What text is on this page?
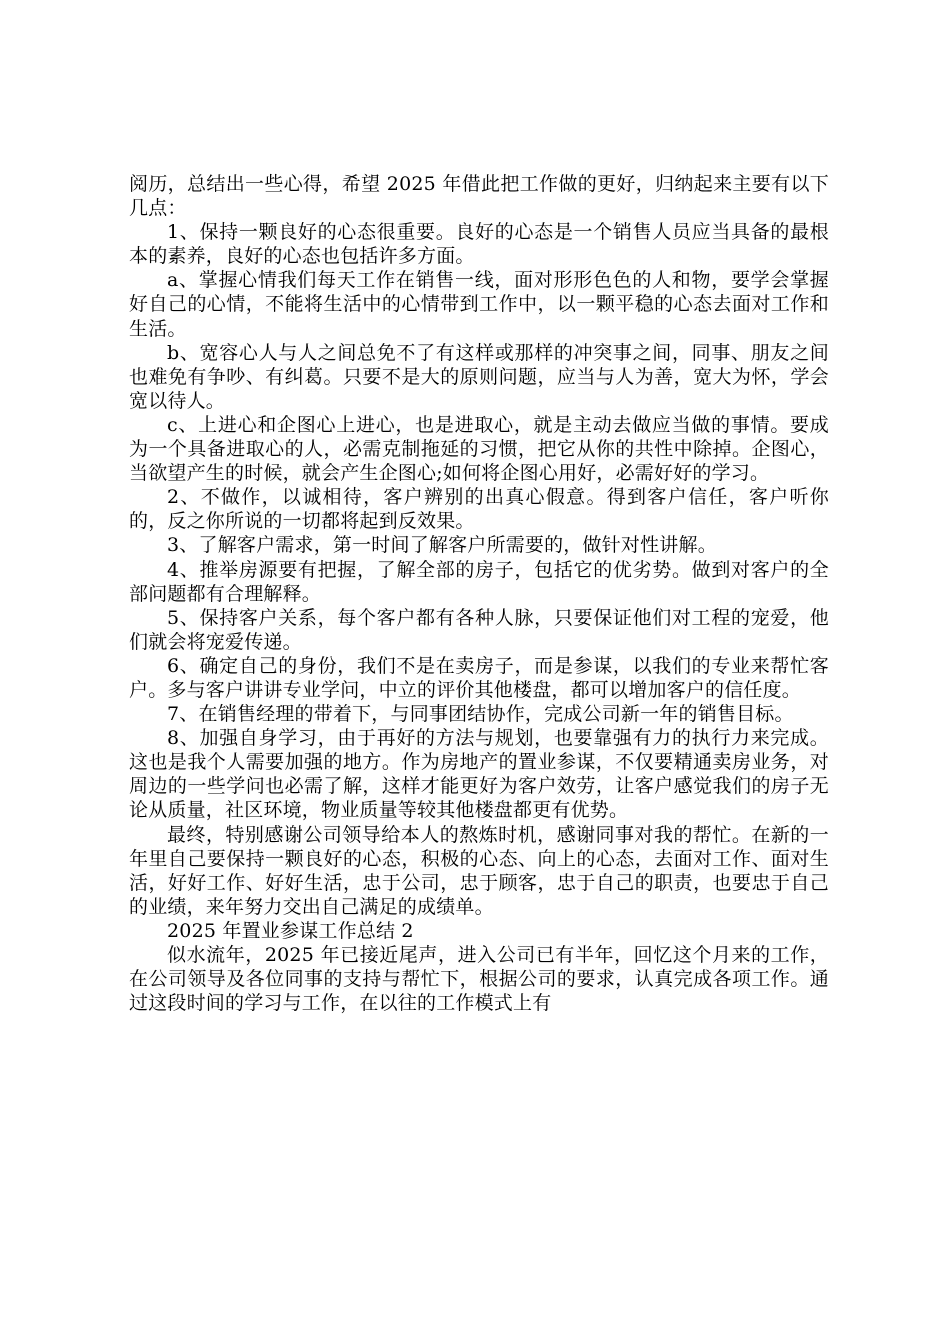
阅历，总结出一些心得，希望 2025 年借此把工作做的更好，归纳起来主要有以下几点：

1、保持一颗良好的心态很重要。良好的心态是一个销售人员应当具备的最根本的素养，良好的心态也包括许多方面。

a、掌握心情我们每天工作在销售一线，面对形形色色的人和物，要学会掌握好自己的心情，不能将生活中的心情带到工作中，以一颗平稳的心态去面对工作和生活。

b、宽容心人与人之间总免不了有这样或那样的冲突事之间，同事、朋友之间也难免有争吵、有纠葛。只要不是大的原则问题，应当与人为善，宽大为怀，学会宽以待人。

c、上进心和企图心上进心，也是进取心，就是主动去做应当做的事情。要成为一个具备进取心的人，必需克制拖延的习惯，把它从你的共性中除掉。企图心，当欲望产生的时候，就会产生企图心;如何将企图心用好，必需好好的学习。

2、不做作，以诚相待，客户辨别的出真心假意。得到客户信任，客户听你的，反之你所说的一切都将起到反效果。

3、了解客户需求，第一时间了解客户所需要的，做针对性讲解。

4、推举房源要有把握，了解全部的房子，包括它的优劣势。做到对客户的全部问题都有合理解释。

5、保持客户关系，每个客户都有各种人脉，只要保证他们对工程的宠爱，他们就会将宠爱传递。

6、确定自己的身份，我们不是在卖房子，而是参谋，以我们的专业来帮忙客户。多与客户讲讲专业学问，中立的评价其他楼盘，都可以增加客户的信任度。

7、在销售经理的带着下，与同事团结协作，完成公司新一年的销售目标。

8、加强自身学习，由于再好的方法与规划，也要靠强有力的执行力来完成。这也是我个人需要加强的地方。作为房地产的置业参谋，不仅要精通卖房业务，对周边的一些学问也必需了解，这样才能更好为客户效劳，让客户感觉我们的房子无论从质量，社区环境，物业质量等较其他楼盘都更有优势。

最终，特别感谢公司领导给本人的熬炼时机，感谢同事对我的帮忙。在新的一年里自己要保持一颗良好的心态，积极的心态、向上的心态，去面对工作、面对生活，好好工作、好好生活，忠于公司，忠于顾客，忠于自己的职责，也要忠于自己的业绩，来年努力交出自己满足的成绩单。

2025 年置业参谋工作总结 2

似水流年，2025 年已接近尾声，进入公司已有半年，回忆这个月来的工作，在公司领导及各位同事的支持与帮忙下，根据公司的要求，认真完成各项工作。通过这段时间的学习与工作，在以往的工作模式上有
